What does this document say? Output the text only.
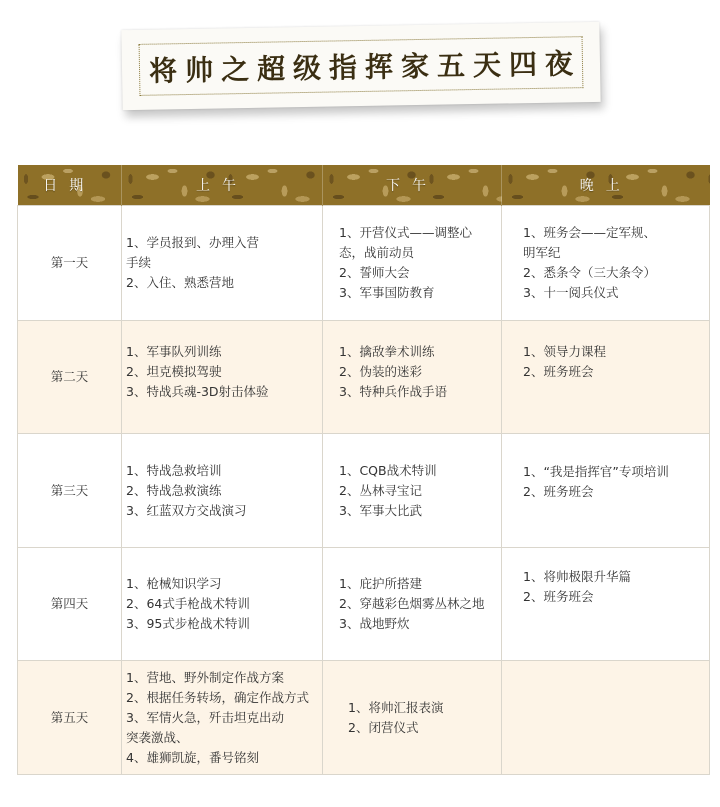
将帅之超级指挥家五天四夜
日期	上午	下午	晚上
第一天	1、学员报到、办理入营
手续
2、入住、熟悉营地	1、开营仪式——调整心
态，战前动员
2、誓师大会
3、军事国防教育	1、班务会——定军规、
明军纪
2、悉条令（三大条令）
3、十一阅兵仪式

第二天	1、军事队列训练
2、坦克模拟驾驶
3、特战兵魂-3D射击体验	1、擒敌拳术训练
2、伪装的迷彩
3、特种兵作战手语	1、领导力课程
2、班务班会

第三天	1、特战急救培训
2、特战急救演练
3、红蓝双方交战演习	1、CQB战术特训
2、丛林寻宝记
3、军事大比武	1、“我是指挥官”专项培训
2、班务班会

第四天	1、枪械知识学习
2、64式手枪战术特训
3、95式步枪战术特训	1、庇护所搭建
2、穿越彩色烟雾丛林之地
3、战地野炊	1、将帅极限升华篇
2、班务班会

第五天	1、营地、野外制定作战方案
2、根据任务转场，确定作战方式
3、军情火急，歼击坦克出动
突袭激战、
4、雄狮凯旋，番号铭刻	1、将帅汇报表演
2、闭营仪式	
